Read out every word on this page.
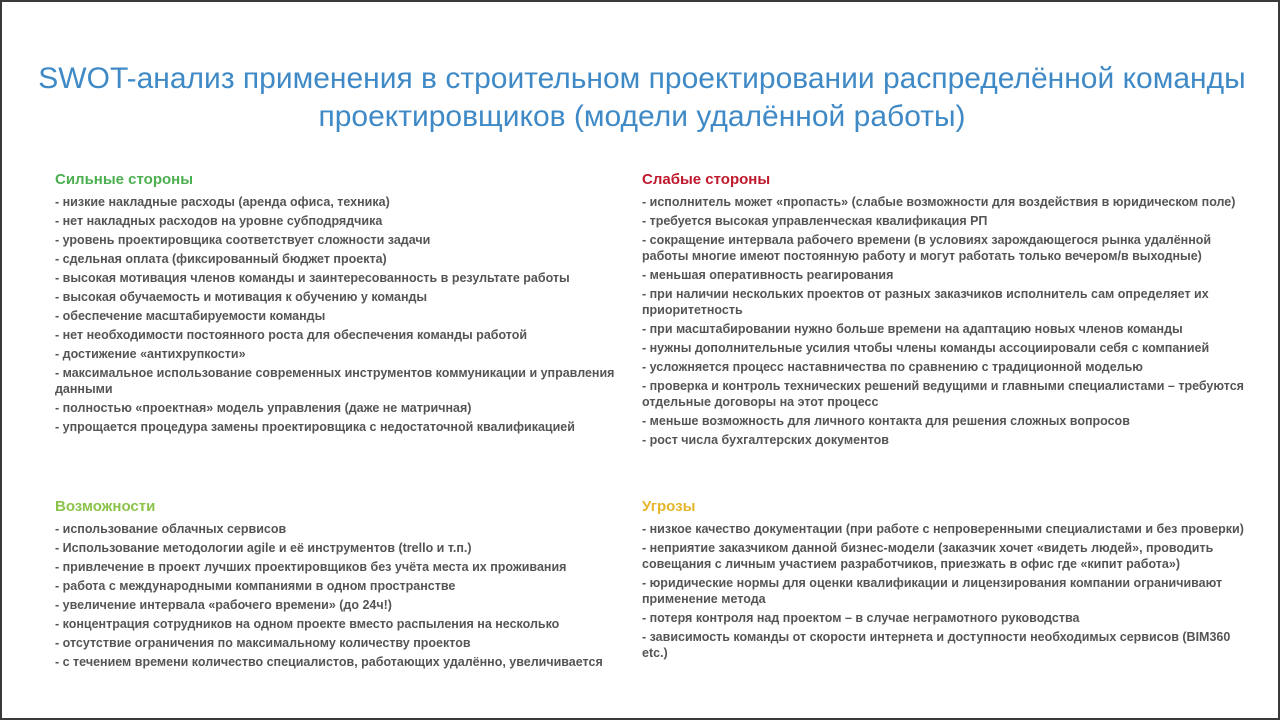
SWOT-анализ применения в строительном проектировании распределённой команды проектировщиков (модели удалённой работы)
Сильные стороны
- низкие накладные расходы (аренда офиса, техника)
- нет накладных расходов на уровне субподрядчика
- уровень проектировщика соответствует сложности задачи
- сдельная оплата (фиксированный бюджет проекта)
- высокая мотивация членов команды и заинтересованность в результате работы
- высокая обучаемость и мотивация к обучению у команды
- обеспечение масштабируемости команды
- нет необходимости постоянного роста для обеспечения команды работой
- достижение «антихрупкости»
- максимальное использование современных инструментов коммуникации и управления данными
- полностью «проектная» модель управления (даже не матричная)
- упрощается процедура замены проектировщика с недостаточной квалификацией
Слабые стороны
- исполнитель может «пропасть» (слабые возможности для воздействия в юридическом поле)
- требуется высокая управленческая квалификация РП
- сокращение интервала рабочего времени (в условиях зарождающегося рынка удалённой работы многие имеют постоянную работу и могут работать только вечером/в выходные)
- меньшая оперативность реагирования
- при наличии нескольких проектов от разных заказчиков исполнитель сам определяет их приоритетность
- при масштабировании нужно больше времени на адаптацию новых членов команды
- нужны дополнительные усилия чтобы члены команды ассоциировали себя с компанией
- усложняется процесс наставничества по сравнению с традиционной моделью
- проверка и контроль технических решений ведущими и главными специалистами – требуются отдельные договоры на этот процесс
- меньше возможность для личного контакта для решения сложных вопросов
- рост числа бухгалтерских документов
Возможности
- использование облачных сервисов
- Использование методологии agile и её инструментов (trello и т.п.)
- привлечение в проект лучших проектировщиков без учёта места их проживания
- работа с международными компаниями в одном пространстве
- увеличение интервала «рабочего времени» (до 24ч!)
- концентрация сотрудников на одном проекте вместо распыления на несколько
- отсутствие ограничения по максимальному количеству проектов
- с течением времени количество специалистов, работающих удалённо, увеличивается
Угрозы
- низкое качество документации (при работе с непроверенными специалистами и без проверки)
- неприятие заказчиком данной бизнес-модели (заказчик хочет «видеть людей», проводить совещания с личным участием разработчиков, приезжать в офис где «кипит работа»)
- юридические нормы для оценки квалификации и лицензирования компании ограничивают применение метода
- потеря контроля над проектом – в случае неграмотного руководства
- зависимость команды от скорости интернета и доступности необходимых сервисов (BIM360 etc.)
